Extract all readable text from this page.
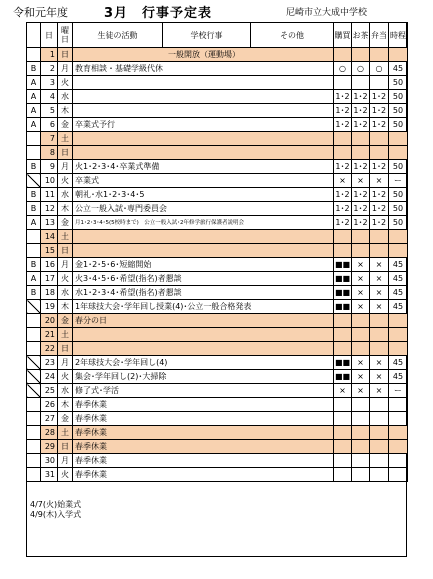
令和元年度	3月　行事予定表	尼崎市立大成中学校
	日	曜日	生徒の活動	学校行事	その他	購買	お茶	弁当	時程
	1	日	一般開放（運動場）						
B	2	月	教育相談・基礎学級代休			○	○	○	45
A	3	火							50
A	4	水				1･2	1･2	1･2	50
A	5	木				1･2	1･2	1･2	50
A	6	金	卒業式予行			1･2	1･2	1･2	50
	7	土							
	8	日							
B	9	月	火1･2･3･4･卒業式準備			1･2	1･2	1･2	50
	10	火	卒業式			×	×	×	ー
B	11	水	朝礼･水1･2･3･4･5			1･2	1･2	1･2	50
B	12	木	公立一般入試･専門委員会			1･2	1･2	1･2	50
A	13	金	月1･2･3･4･5(5校時まで)　公立一般入試･2年修学旅行保護者説明会			1･2	1･2	1･2	50
	14	土							
	15	日							
B	16	月	金1･2･5･6･短縮開始			■■	×	×	45
A	17	火	火3･4･5･6･希望(指名)者懇談			■■	×	×	45
B	18	水	水1･2･3･4･希望(指名)者懇談			■■	×	×	45
	19	木	1年球技大会･学年回し授業(4)･公立一般合格発表			■■	×	×	45
	20	金	春分の日						
	21	土							
	22	日							
	23	月	2年球技大会･学年回し(4)			■■	×	×	45
	24	火	集会･学年回し(2)･大掃除			■■	×	×	45
	25	水	修了式･学活			×	×	×	ー
	26	木	春季休業						
	27	金	春季休業						
	28	土	春季休業						
	29	日	春季休業						
	30	月	春季休業						
	31	火	春季休業						
4/7(火)始業式
4/9(木)入学式
